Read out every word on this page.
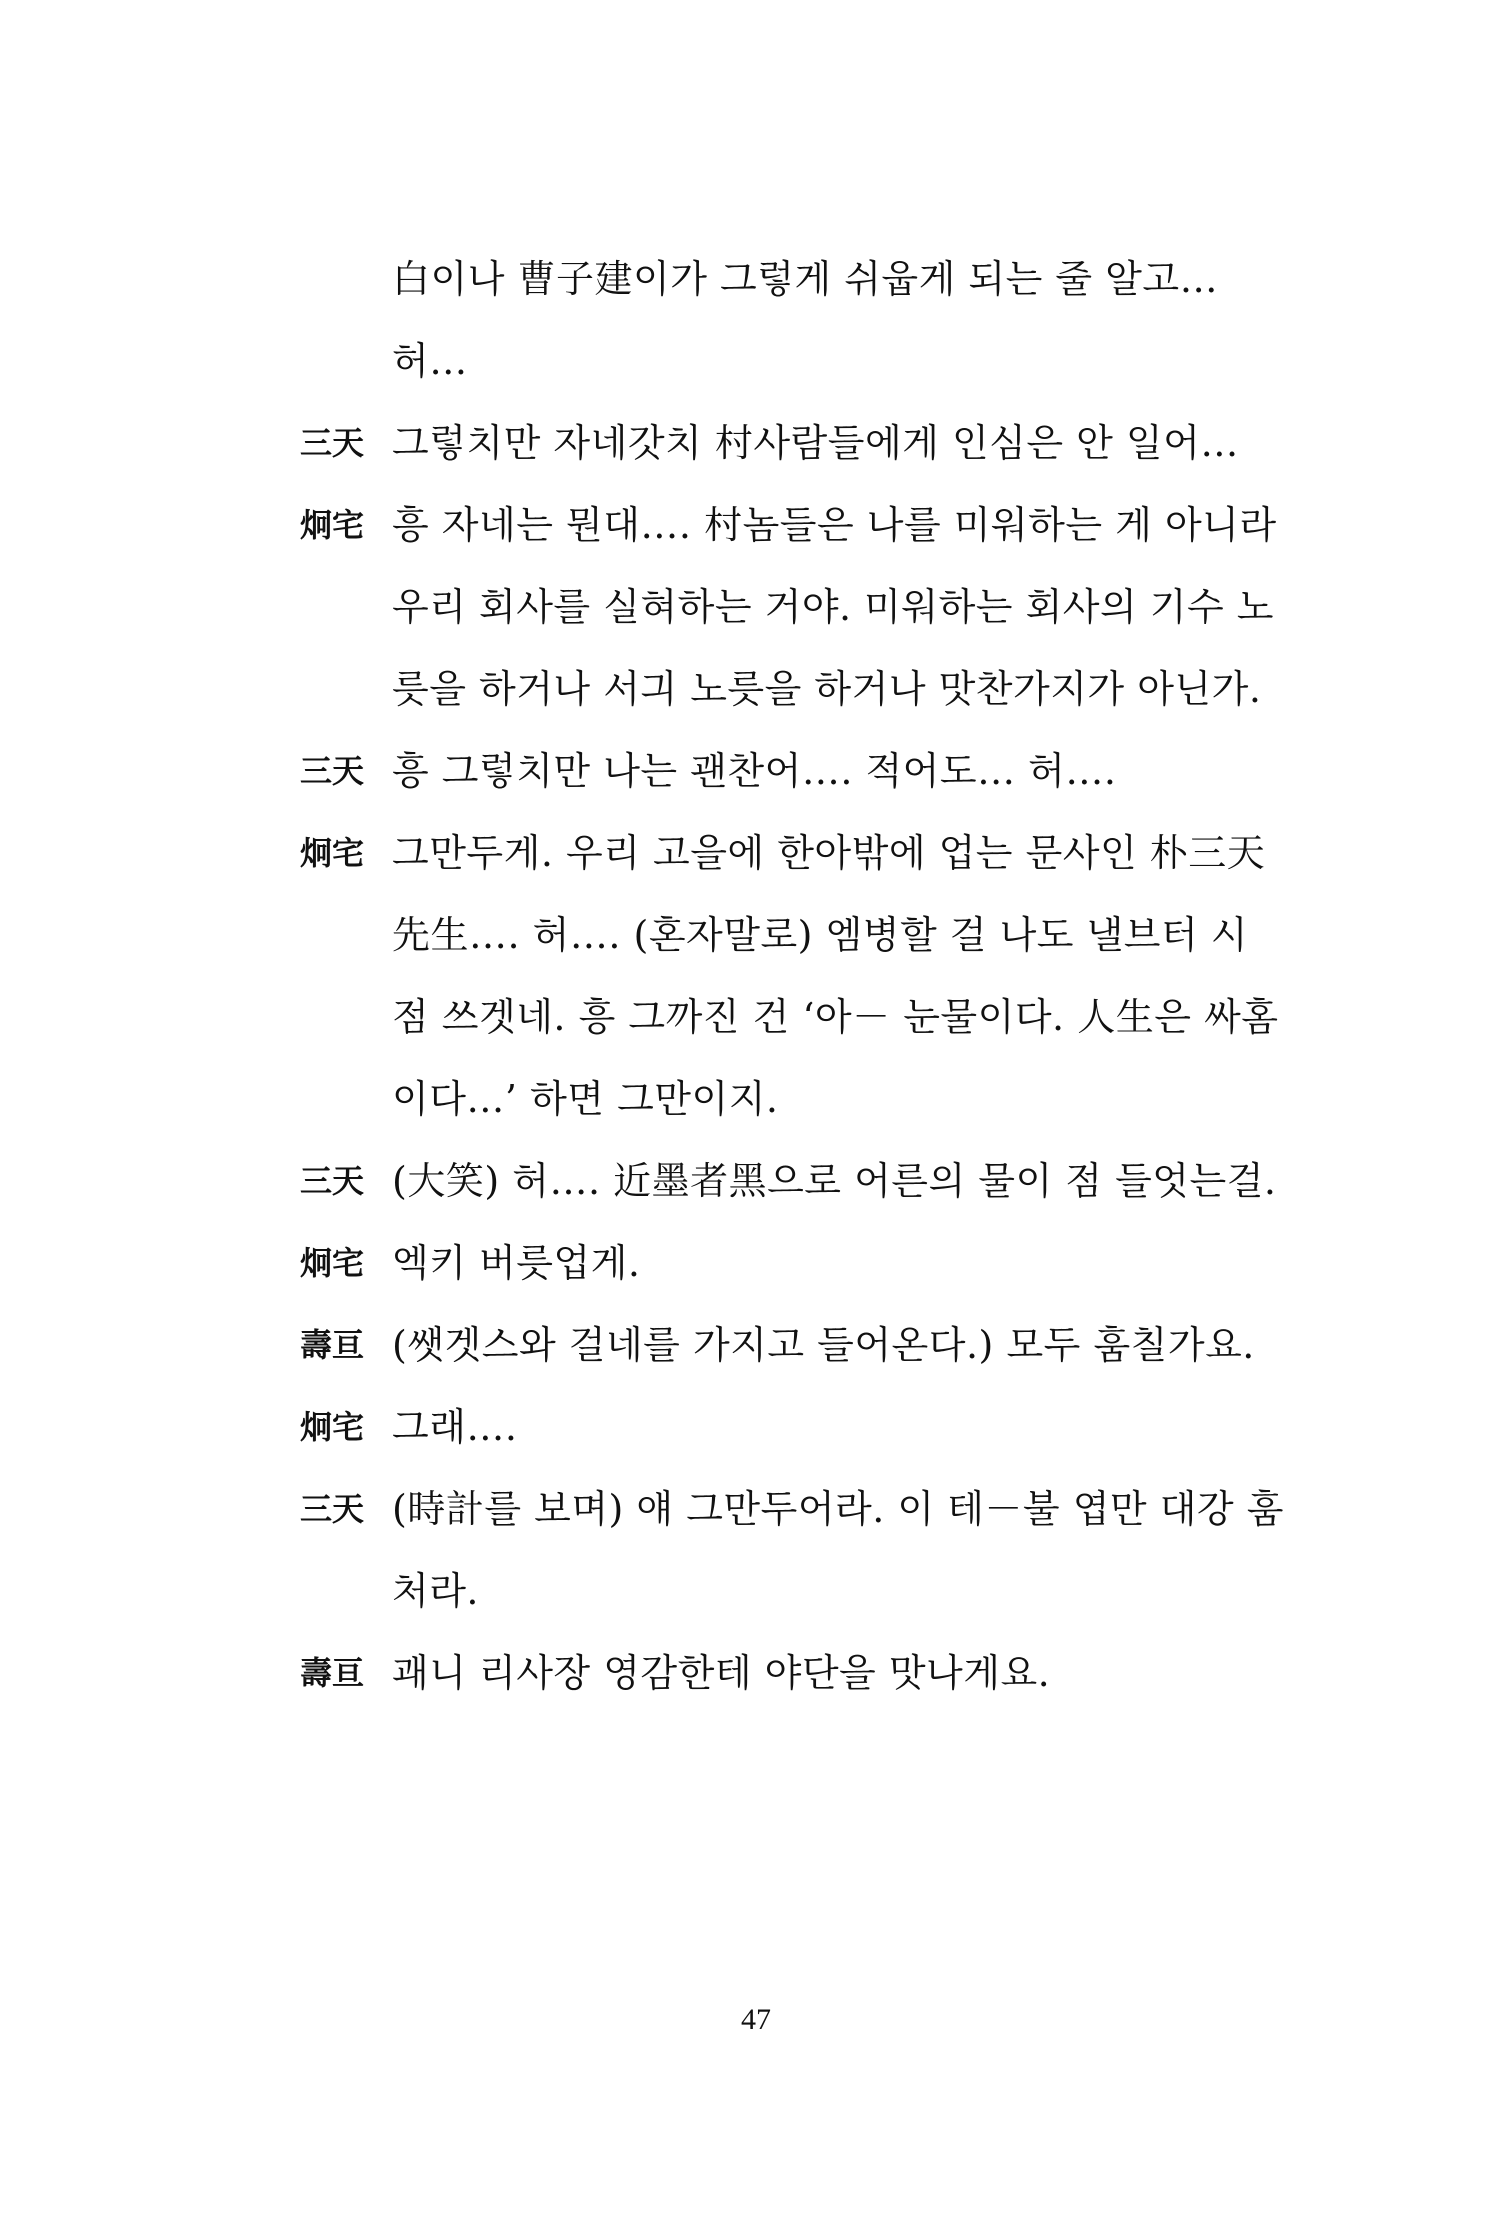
白이나 曹子建이가 그렇게 쉬웁게 되는 줄 알고…
허…
三天 그렇치만 자네갓치 村사람들에게 인심은 안 일어…
炯宅 흥 자네는 뭔대…. 村놈들은 나를 미워하는 게 아니라
우리 회사를 실혀하는 거야. 미워하는 회사의 기수 노
릇을 하거나 서긔 노릇을 하거나 맛찬가지가 아닌가.
三天 흥 그렇치만 나는 괜찬어…. 적어도… 허….
炯宅 그만두게. 우리 고을에 한아밖에 업는 문사인 朴三天
先生…. 허…. (혼자말로) 엠병할 걸 나도 낼브터 시
점 쓰겟네. 흥 그까진 건 ‘아－ 눈물이다. 人生은 싸홈
이다…’ 하면 그만이지.
三天 (大笑) 허…. 近墨者黑으로 어른의 물이 점 들엇는걸.
炯宅 엑키 버릇업게.
壽亘 (쌧겟스와 걸네를 가지고 들어온다.) 모두 훔칠가요.
炯宅 그래….
三天 (時計를 보며) 얘 그만두어라. 이 테－불 엽만 대강 훔
처라.
壽亘 괘니 리사장 영감한테 야단을 맛나게요.
47
